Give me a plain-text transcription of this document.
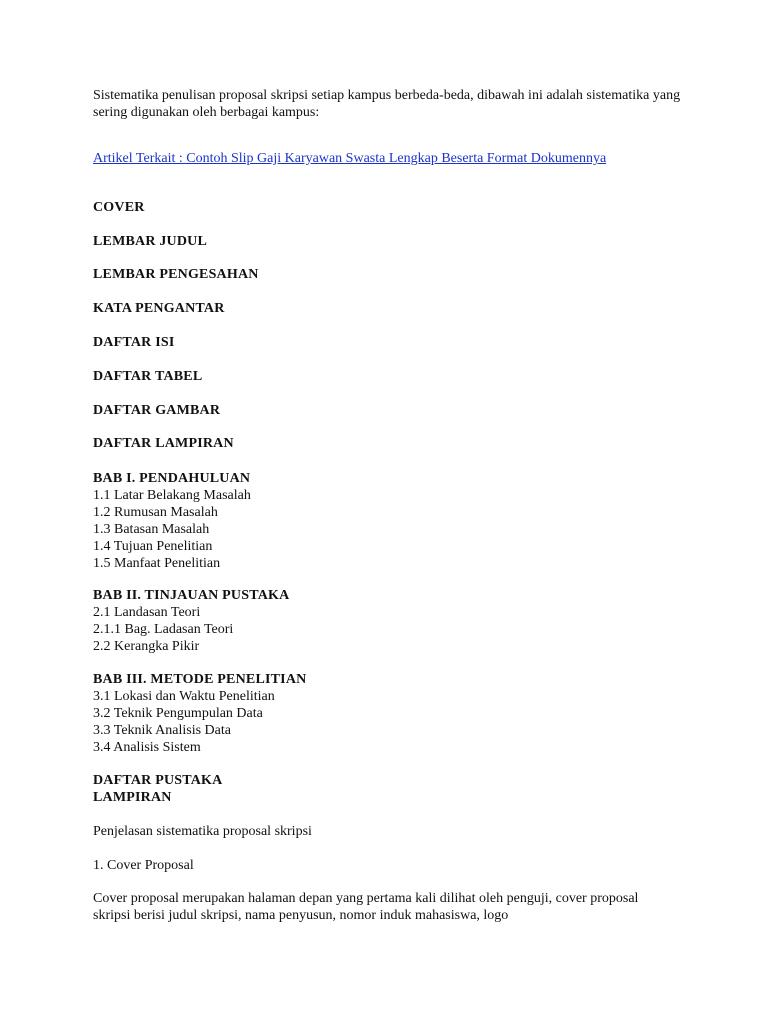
Sistematika penulisan proposal skripsi setiap kampus berbeda-beda, dibawah ini adalah sistematika yang sering digunakan oleh berbagai kampus:
Artikel Terkait : Contoh Slip Gaji Karyawan Swasta Lengkap Beserta Format Dokumennya
COVER
LEMBAR JUDUL
LEMBAR PENGESAHAN
KATA PENGANTAR
DAFTAR ISI
DAFTAR TABEL
DAFTAR GAMBAR
DAFTAR LAMPIRAN
BAB I. PENDAHULUAN
1.1 Latar Belakang Masalah
1.2 Rumusan Masalah
1.3 Batasan Masalah
1.4 Tujuan Penelitian
1.5 Manfaat Penelitian
BAB II. TINJAUAN PUSTAKA
2.1 Landasan Teori
2.1.1 Bag. Ladasan Teori
2.2 Kerangka Pikir
BAB III. METODE PENELITIAN
3.1 Lokasi dan Waktu Penelitian
3.2 Teknik Pengumpulan Data
3.3 Teknik Analisis Data
3.4 Analisis Sistem
DAFTAR PUSTAKA
LAMPIRAN
Penjelasan sistematika proposal skripsi
1. Cover Proposal
Cover proposal merupakan halaman depan yang pertama kali dilihat oleh penguji, cover proposal skripsi berisi judul skripsi, nama penyusun, nomor induk mahasiswa, logo
